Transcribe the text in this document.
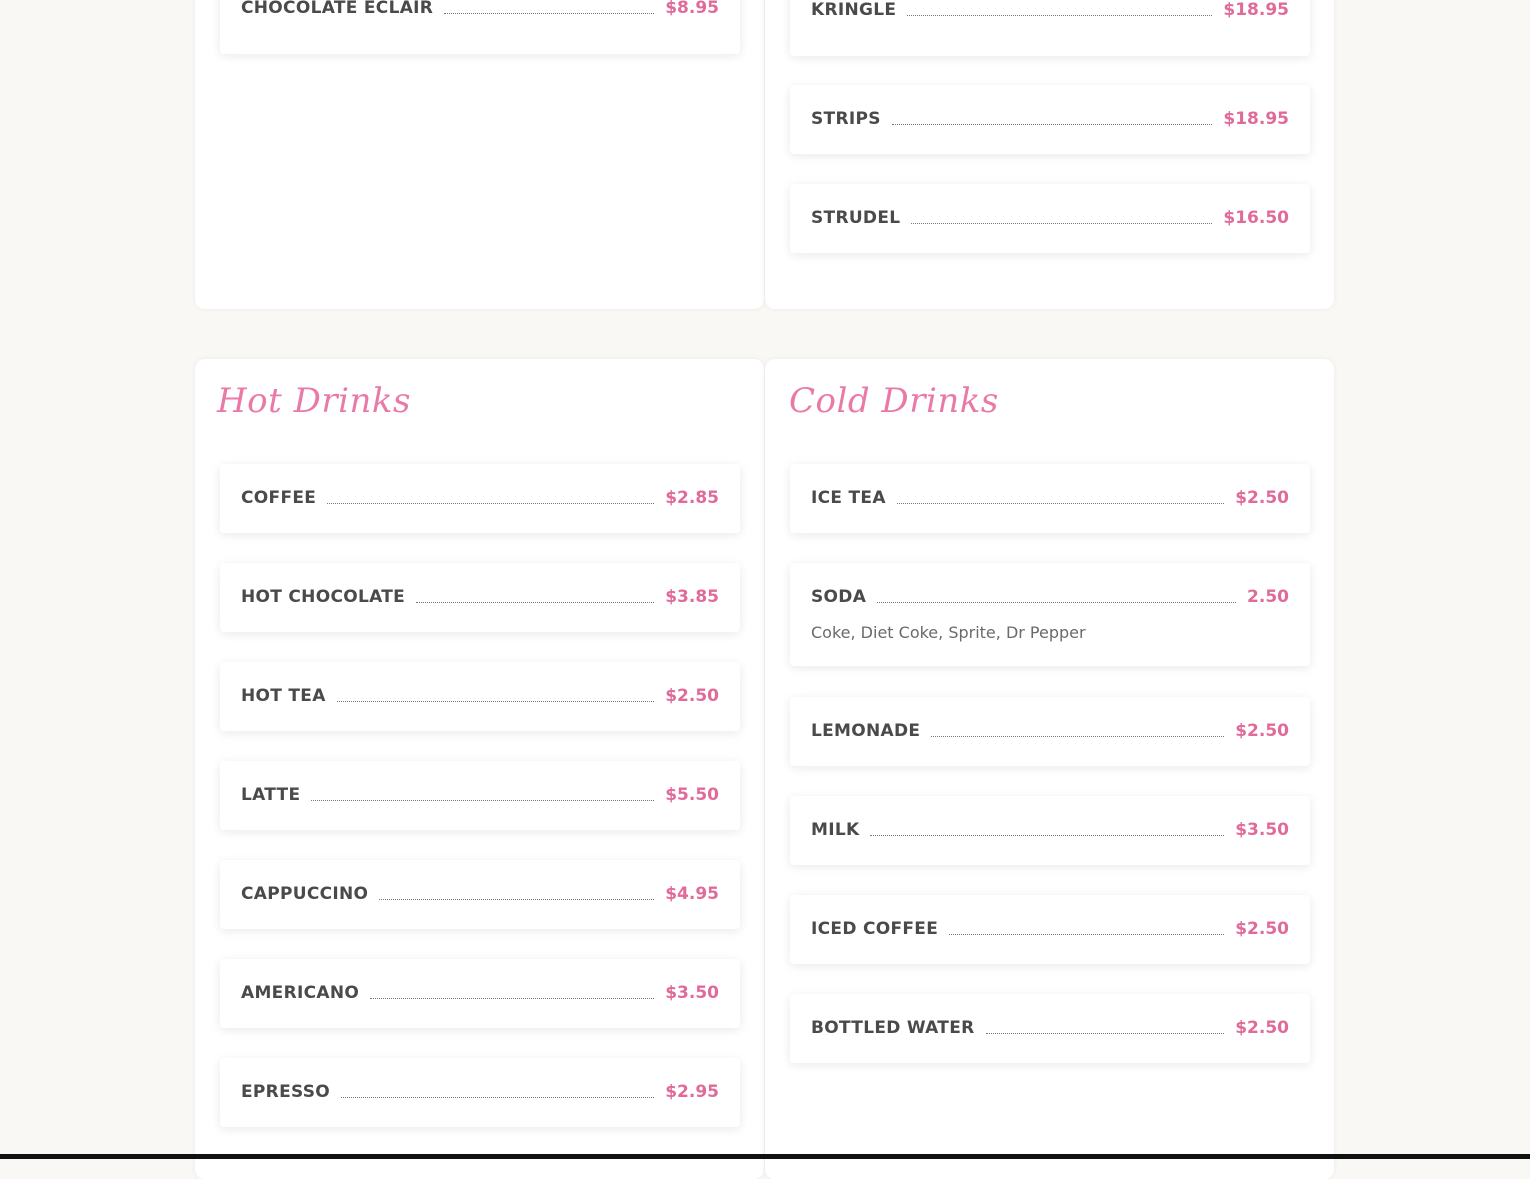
CHOCOLATE ECLAIR	$8.95	KRINGLE	$18.95
STRIPS	$18.95
STRUDEL	$16.50
Hot Drinks
COFFEE	$2.85
HOT CHOCOLATE	$3.85
HOT TEA	$2.50
LATTE	$5.50
CAPPUCCINO	$4.95
AMERICANO	$3.50
EPRESSO	$2.95
Cold Drinks
ICE TEA	$2.50
SODA	2.50
Coke, Diet Coke, Sprite, Dr Pepper
LEMONADE	$2.50
MILK	$3.50
ICED COFFEE	$2.50
BOTTLED WATER	$2.50
